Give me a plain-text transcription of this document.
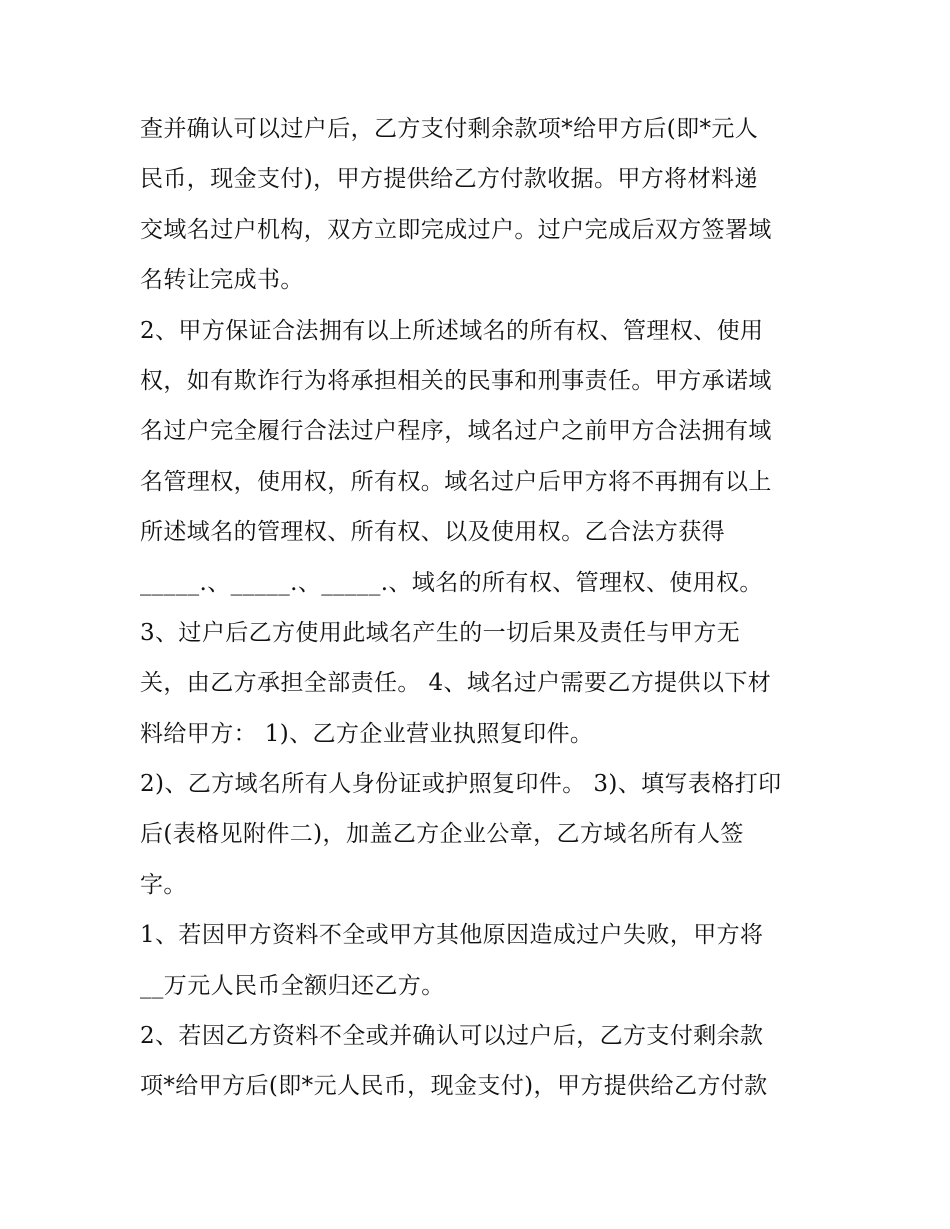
查并确认可以过户后，乙方支付剩余款项*给甲方后(即*元人
民币，现金支付)，甲方提供给乙方付款收据。甲方将材料递
交域名过户机构，双方立即完成过户。过户完成后双方签署域
名转让完成书。
2、甲方保证合法拥有以上所述域名的所有权、管理权、使用
权，如有欺诈行为将承担相关的民事和刑事责任。甲方承诺域
名过户完全履行合法过户程序，域名过户之前甲方合法拥有域
名管理权，使用权，所有权。域名过户后甲方将不再拥有以上
所述域名的管理权、所有权、以及使用权。乙合法方获得
_____.、_____.、_____.、域名的所有权、管理权、使用权。
3、过户后乙方使用此域名产生的一切后果及责任与甲方无
关，由乙方承担全部责任。 4、域名过户需要乙方提供以下材
料给甲方： 1)、乙方企业营业执照复印件。
2)、乙方域名所有人身份证或护照复印件。 3)、填写表格打印
后(表格见附件二)，加盖乙方企业公章，乙方域名所有人签
字。
1、若因甲方资料不全或甲方其他原因造成过户失败，甲方将
__万元人民币全额归还乙方。
2、若因乙方资料不全或并确认可以过户后，乙方支付剩余款
项*给甲方后(即*元人民币，现金支付)，甲方提供给乙方付款
